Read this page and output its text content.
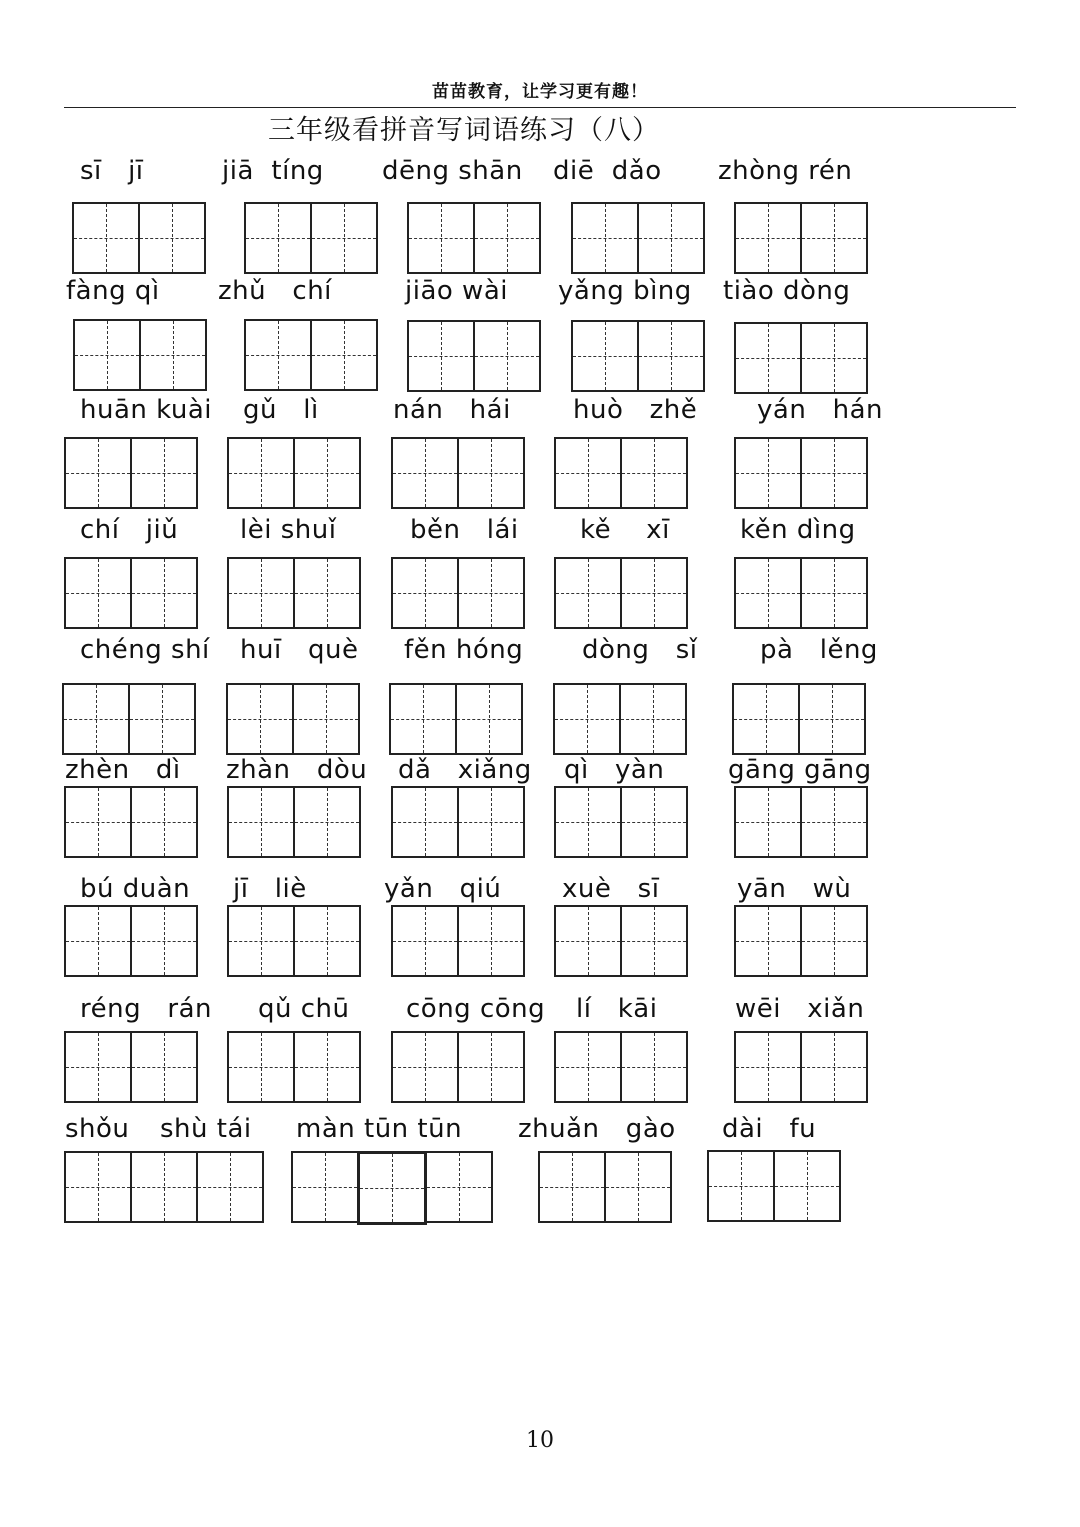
苗苗教育，让学习更有趣！
三年级看拼音写词语练习（八）
sī   jī	jiā  tíng dēng shān diē  dǎo zhòng rén
fàng qì zhǔ   chí	jiāo wài yǎng bìng tiào dòng
huān kuài gǔ   lì	nán   hái huò   zhě yán   hán
chí   jiǔ lèi shuǐ	běn   lái kě    xī	kěn dìng
chéng shí huī   què fěn hóng dòng   sǐ pà   lěng
zhèn   dì zhàn   dòu dǎ   xiǎng qì   yàn gāng gāng
bú duàn jī   liè	yǎn   qiú xuè   sī	yān   wù
réng   rán qǔ chū cōng cōng lí   kāi	wēi   xiǎn
shǒu shù tái màn tūn tūn zhuǎn   gào dài   fu
10
